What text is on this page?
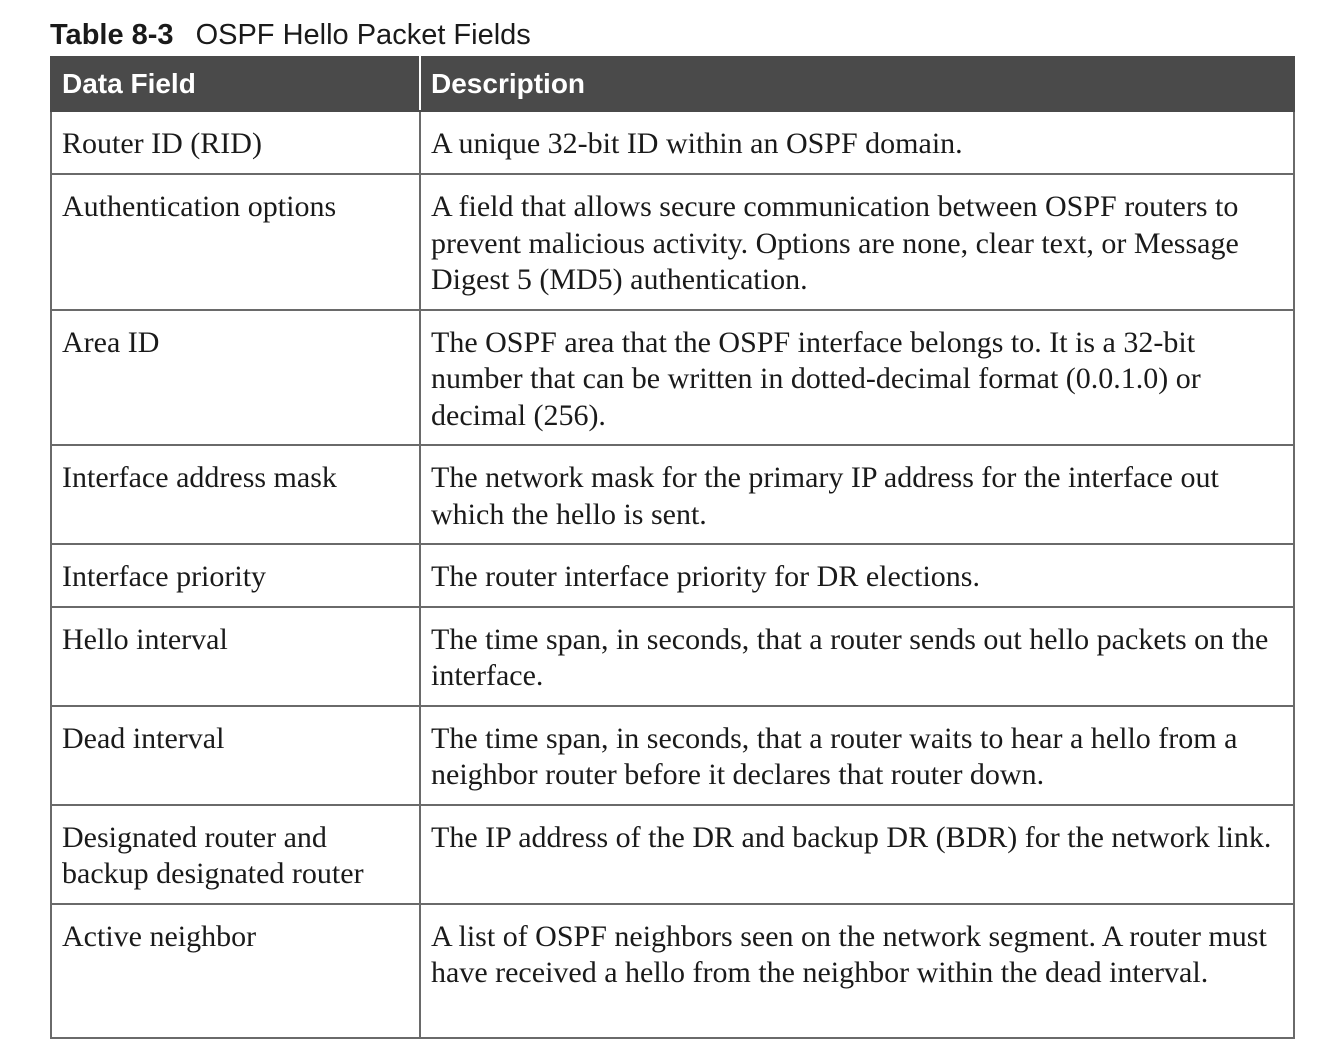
Table 8-3 OSPF Hello Packet Fields
Data Field	Description
Router ID (RID)	A unique 32-bit ID within an OSPF domain.
Authentication options	A field that allows secure communication between OSPF routers to prevent malicious activity. Options are none, clear text, or Message Digest 5 (MD5) authentication.
Area ID	The OSPF area that the OSPF interface belongs to. It is a 32-bit number that can be written in dotted-decimal format (0.0.1.0) or decimal (256).
Interface address mask	The network mask for the primary IP address for the interface out which the hello is sent.
Interface priority	The router interface priority for DR elections.
Hello interval	The time span, in seconds, that a router sends out hello packets on the interface.
Dead interval	The time span, in seconds, that a router waits to hear a hello from a neighbor router before it declares that router down.
Designated router and backup designated router	The IP address of the DR and backup DR (BDR) for the network link.
Active neighbor	A list of OSPF neighbors seen on the network segment. A router must have received a hello from the neighbor within the dead interval.
